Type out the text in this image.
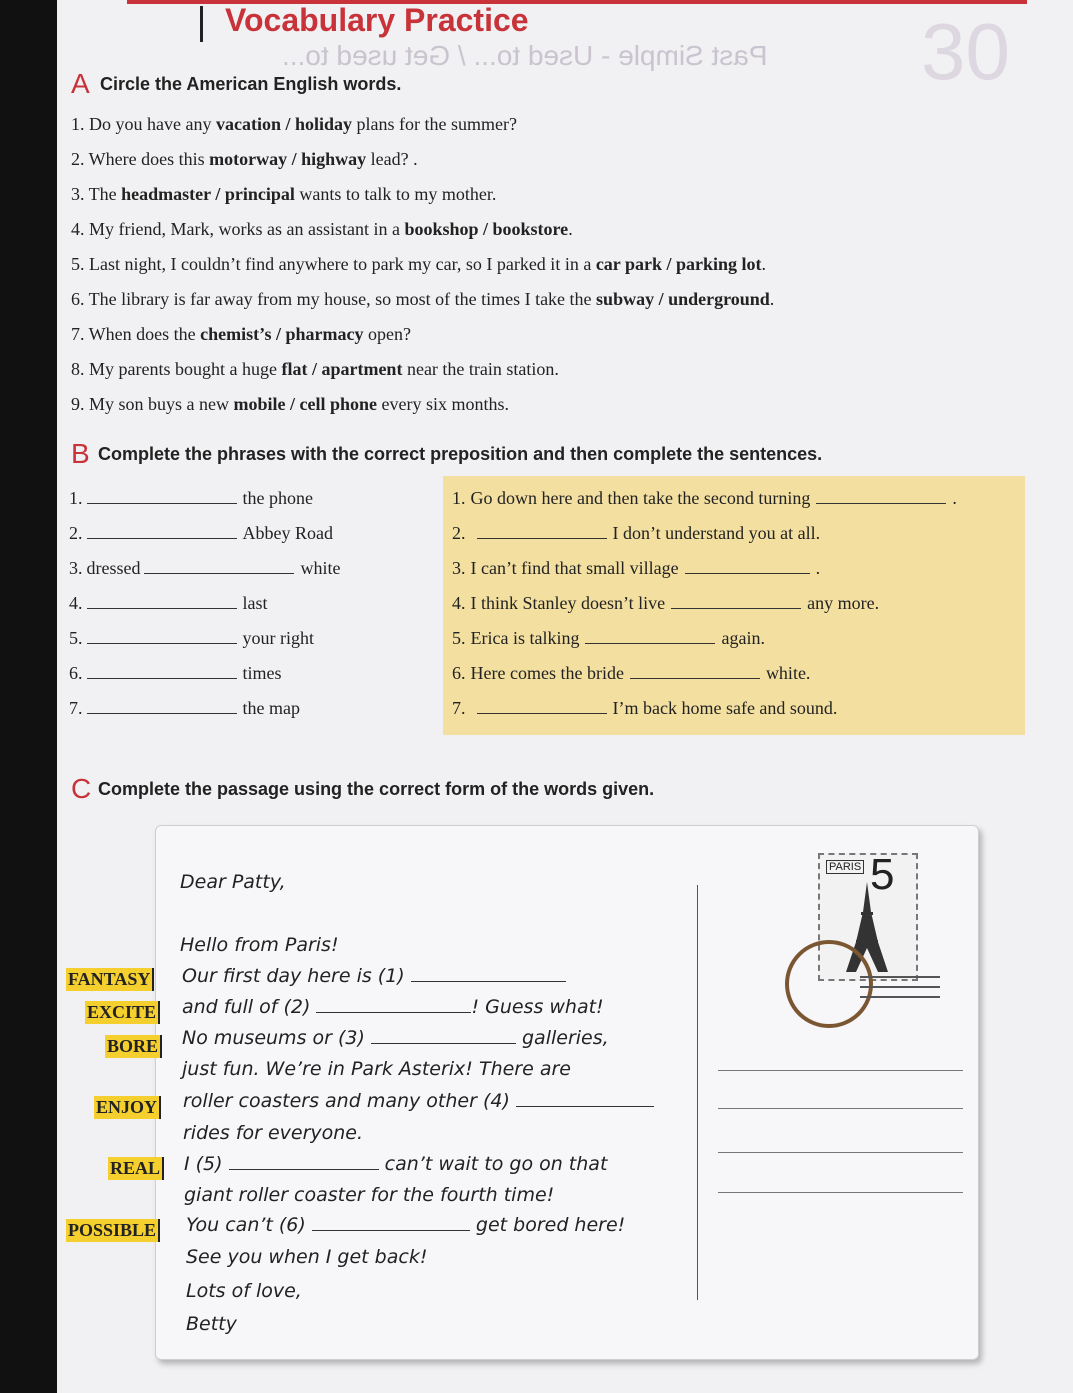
Vocabulary Practice
Past Simple - Used to... / Get used to... 30
A Circle the American English words.
1. Do you have any vacation / holiday plans for the summer?
2. Where does this motorway / highway lead? .
3. The headmaster / principal wants to talk to my mother.
4. My friend, Mark, works as an assistant in a bookshop / bookstore.
5. Last night, I couldn’t find anywhere to park my car, so I parked it in a car park / parking lot.
6. The library is far away from my house, so most of the times I take the subway / underground.
7. When does the chemist’s / pharmacy open?
8. My parents bought a huge flat / apartment near the train station.
9. My son buys a new mobile / cell phone every six months.
B Complete the phrases with the correct preposition and then complete the sentences.
1.	the phone
2.	Abbey Road
3. dressed	white
4.	last
5.	your right
6.	times
7.	the map
1. Go down here and then take the second turning	.
2.	I don’t understand you at all.
3. I can’t find that small village	.
4. I think Stanley doesn’t live	any more.
5. Erica is talking	again.
6. Here comes the bride	white.
7.	I’m back home safe and sound.
C Complete the passage using the correct form of the words given.
PARIS 5
FANTASY
EXCITE
BORE
ENJOY
REAL
POSSIBLE
Dear Patty,
Hello from Paris!
Our first day here is (1)
and full of (2)	! Guess what!
No museums or (3)	galleries,
just fun. We’re in Park Asterix! There are
roller coasters and many other (4)
rides for everyone.
I (5)	can’t wait to go on that
giant roller coaster for the fourth time!
You can’t (6)	get bored here!
See you when I get back!
Lots of love,
Betty
